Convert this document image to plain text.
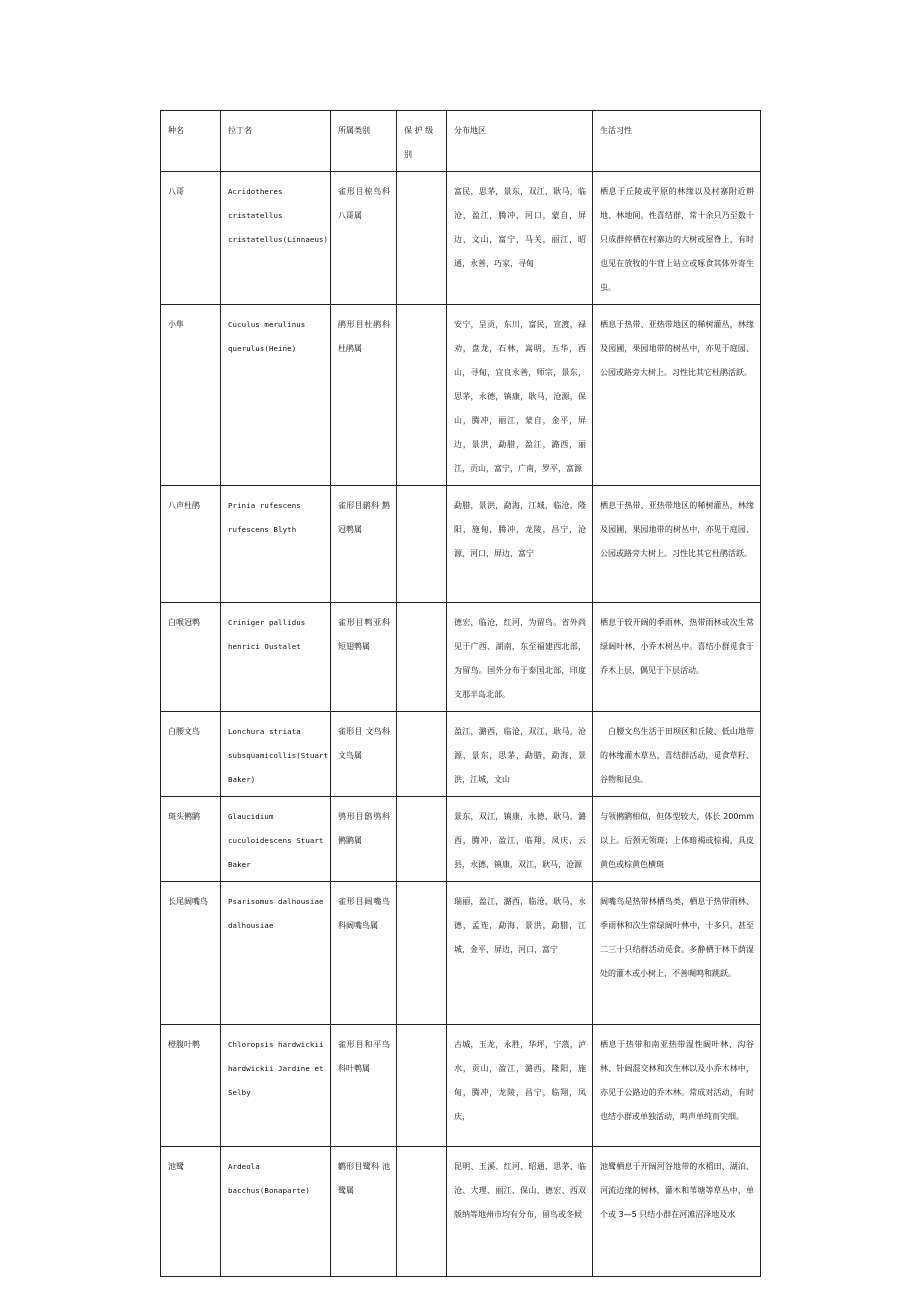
种名	拉丁名	所属类别	保 护 级 别	分布地区	生活习性
八哥	Acridotheres cristatellus cristatellus(Linnaeus)	雀形目椋鸟科八哥属		富民，思茅，景东，双江，耿马，临沧，盈江，腾冲，河口，蒙自，屏边，文山，富宁，马关，丽江，昭通，永善，巧家，寻甸	栖息于丘陵或平原的林缘以及村寨附近耕地、林地间。性喜结群，常十余只乃至数十只成群停栖在村寨边的大树或屋脊上，有时也见在放牧的牛背上站立或啄食其体外寄生虫。
小隼	Cuculus merulinus querulus(Heine)	鹃形目杜鹃科 杜鹃属		安宁，呈贡，东川，富民，宣渡，禄劝，盘龙，石林，嵩明，五华，西山，寻甸，宜良永善，师宗，景东，思茅，永德，镇康，耿马，沧源，保山，腾冲，丽江，蒙自，金平，屏边，景洪，勐腊，盈江，潞西，丽江，贡山，富宁，广南，罗平，富源	栖息于热带、亚热带地区的稀树灌丛，林缘及园圃，果园地带的树丛中，亦见于庭园、公园或路旁大树上。习性比其它杜鹃活跃。
八声杜鹃	Prinia rufescens rufescens Blyth	雀形目鹟科 鹪 冠鹎属		勐腊，景洪，勐海，江城，临沧，隆阳，施甸，腾冲，龙陵，昌宁，沧源，河口，屏边，富宁	栖息于热带、亚热带地区的稀树灌丛，林缘及园圃，果园地带的树丛中，亦见于庭园、公园或路旁大树上。习性比其它杜鹃活跃。
白喉冠鹎	Criniger pallidus henrici Oustalet	雀形目鹎亚科短翅鹎属		德宏，临沧，红河，为留鸟。省外尚见于广西、湖南，东至福建西北部，为留鸟。国外分布于泰国北部，印度支那半岛北部。	栖息于较开阔的季雨林，热带雨林或次生常绿阔叶林，小乔木树丛中。喜结小群觅食于乔木上层，偶见于下层活动。
白腰文鸟	Lonchura striata subsquamicollis(Stuart Baker)	雀形目 文鸟科文鸟属		盈江，潞西，临沧，双江，耿马，沧源，景东，思茅，勐腊，勐海，景洪，江城，文山	　白腰文鸟生活于田坝区和丘陵、低山地带的林缘灌木草丛，喜结群活动，觅食草籽、谷物和昆虫。
斑头鸺鹠	Glaucidium cuculoidescens Stuart Baker	鸮形目鸱鸮科鸺鹠属		景东，双江，镇康，永德，耿马，潞西，腾冲，盈江，临翔，凤庆，云县，永德，镇康，双江，耿马，沧源	与领鸺鹠相似，但体型较大，体长 200mm 以上。后颈无领斑；上体暗褐或棕褐，具皮黄色或棕黄色横斑
长尾阔嘴鸟	Psarisomus dalhousiae dalhousiae	雀形目阔嘴鸟科阔嘴鸟属		瑞丽，盈江，潞西，临沧，耿马，永德，孟连，勐海，景洪，勐腊，江城，金平，屏边，河口，富宁	阔嘴鸟是热带林栖鸟类，栖息于热带雨林、季雨林和次生常绿阔叶林中，十多只，甚至二三十只结群活动觅食。多静栖于林下荫湿处的灌木或小树上，不善啁鸣和跳跃。
橙腹叶鹎	Chloropsis hardwickii hardwickii Jardine et Selby	雀形目和平鸟科叶鹎属		古城，玉龙，永胜，华坪，宁蒗，泸水，贡山，盈江，潞西，隆阳，施甸，腾冲，龙陵，昌宁，临翔，凤庆，	栖息于热带和南亚热带湿性阔叶林、沟谷林、针阔混交林和次生林以及小乔木林中，亦见于公路边的乔木林。常成对活动，有时也结小群或单独活动，鸣声单纯而尖细。
池鹭	Ardeola bacchus(Bonaparte)	鹳形目鹭科 池鹭属		昆明、玉溪、红河、昭通、思茅、临沧、大理、丽江、保山、德宏、西双版纳等地州市均有分布，留鸟或冬候	池鹭栖息于开阔河谷地带的水稻田、湖泊、河流边缘的树林，灌木和苇塘等草丛中，单个或 3—5 只结小群在河滩沼泽地及水
